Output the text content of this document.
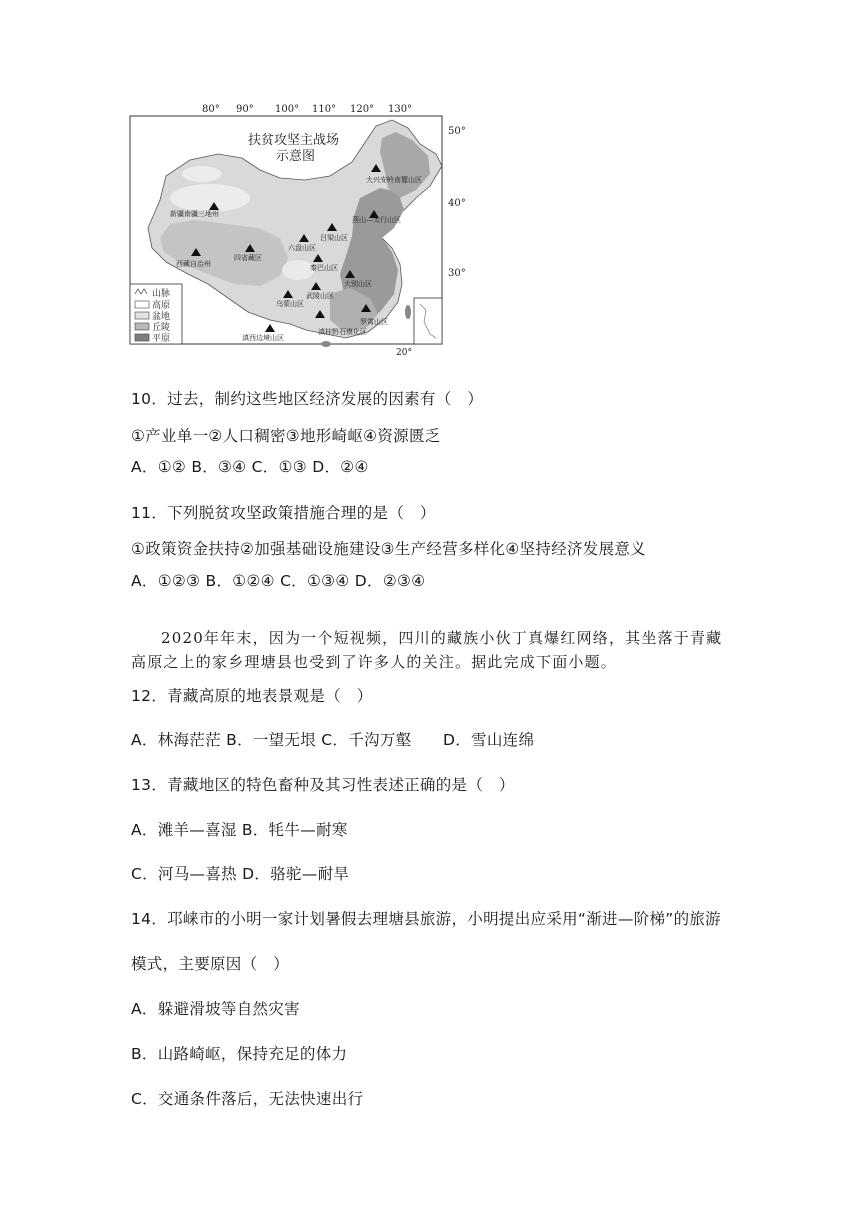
80° 90° 100° 110° 120° 130°
50°
40°
30°
20°
山脉
高原
盆地
丘陵
平原
扶贫攻坚主战场
示意图
大兴安岭南麓山区
燕山—太行山区
吕梁山区
六盘山区
秦巴山区
大别山区
武陵山区
乌蒙山区
罗霄山区
滇桂黔石漠化区
滇西边境山区
西藏自治州
四省藏区
新疆南疆三地州
10．过去，制约这些地区经济发展的因素有（　）
①产业单一②人口稠密③地形崎岖④资源匮乏
A．①② B．③④ C．①③ D．②④
11．下列脱贫攻坚政策措施合理的是（　）
①政策资金扶持②加强基础设施建设③生产经营多样化④坚持经济发展意义
A．①②③ B．①②④ C．①③④ D．②③④
2020年年末，因为一个短视频，四川的藏族小伙丁真爆红网络，其坐落于青藏高原之上的家乡理塘县也受到了许多人的关注。据此完成下面小题。
12．青藏高原的地表景观是（　）
A．林海茫茫 B．一望无垠 C．千沟万壑　　D．雪山连绵
13．青藏地区的特色畜种及其习性表述正确的是（　）
A．滩羊—喜湿 B．牦牛—耐寒
C．河马—喜热 D．骆驼—耐旱
14．邛崃市的小明一家计划暑假去理塘县旅游，小明提出应采用“渐进—阶梯”的旅游
模式，主要原因（　）
A．躲避滑坡等自然灾害
B．山路崎岖，保持充足的体力
C．交通条件落后，无法快速出行
